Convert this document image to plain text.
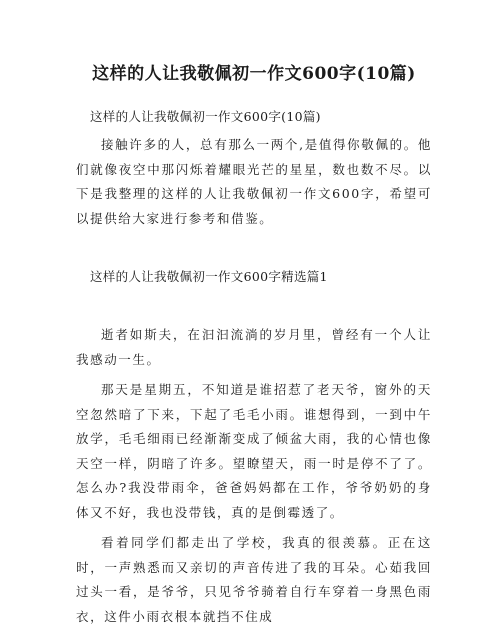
这样的人让我敬佩初一作文600字(10篇)
这样的人让我敬佩初一作文600字(10篇)

接触许多的人，总有那么一两个,是值得你敬佩的。他们就像夜空中那闪烁着耀眼光芒的星星，数也数不尽。以下是我整理的这样的人让我敬佩初一作文600字，希望可以提供给大家进行参考和借鉴。

这样的人让我敬佩初一作文600字精选篇1

逝者如斯夫，在汩汩流淌的岁月里，曾经有一个人让我感动一生。

那天是星期五，不知道是谁招惹了老天爷，窗外的天空忽然暗了下来，下起了毛毛小雨。谁想得到，一到中午放学，毛毛细雨已经渐渐变成了倾盆大雨，我的心情也像天空一样，阴暗了许多。望瞭望天，雨一时是停不了了。怎么办?我没带雨伞，爸爸妈妈都在工作，爷爷奶奶的身体又不好，我也没带钱，真的是倒霉透了。

看着同学们都走出了学校，我真的很羡慕。正在这时，一声熟悉而又亲切的声音传进了我的耳朵。心茹我回过头一看，是爷爷，只见爷爷骑着自行车穿着一身黑色雨衣，这件小雨衣根本就挡不住成
